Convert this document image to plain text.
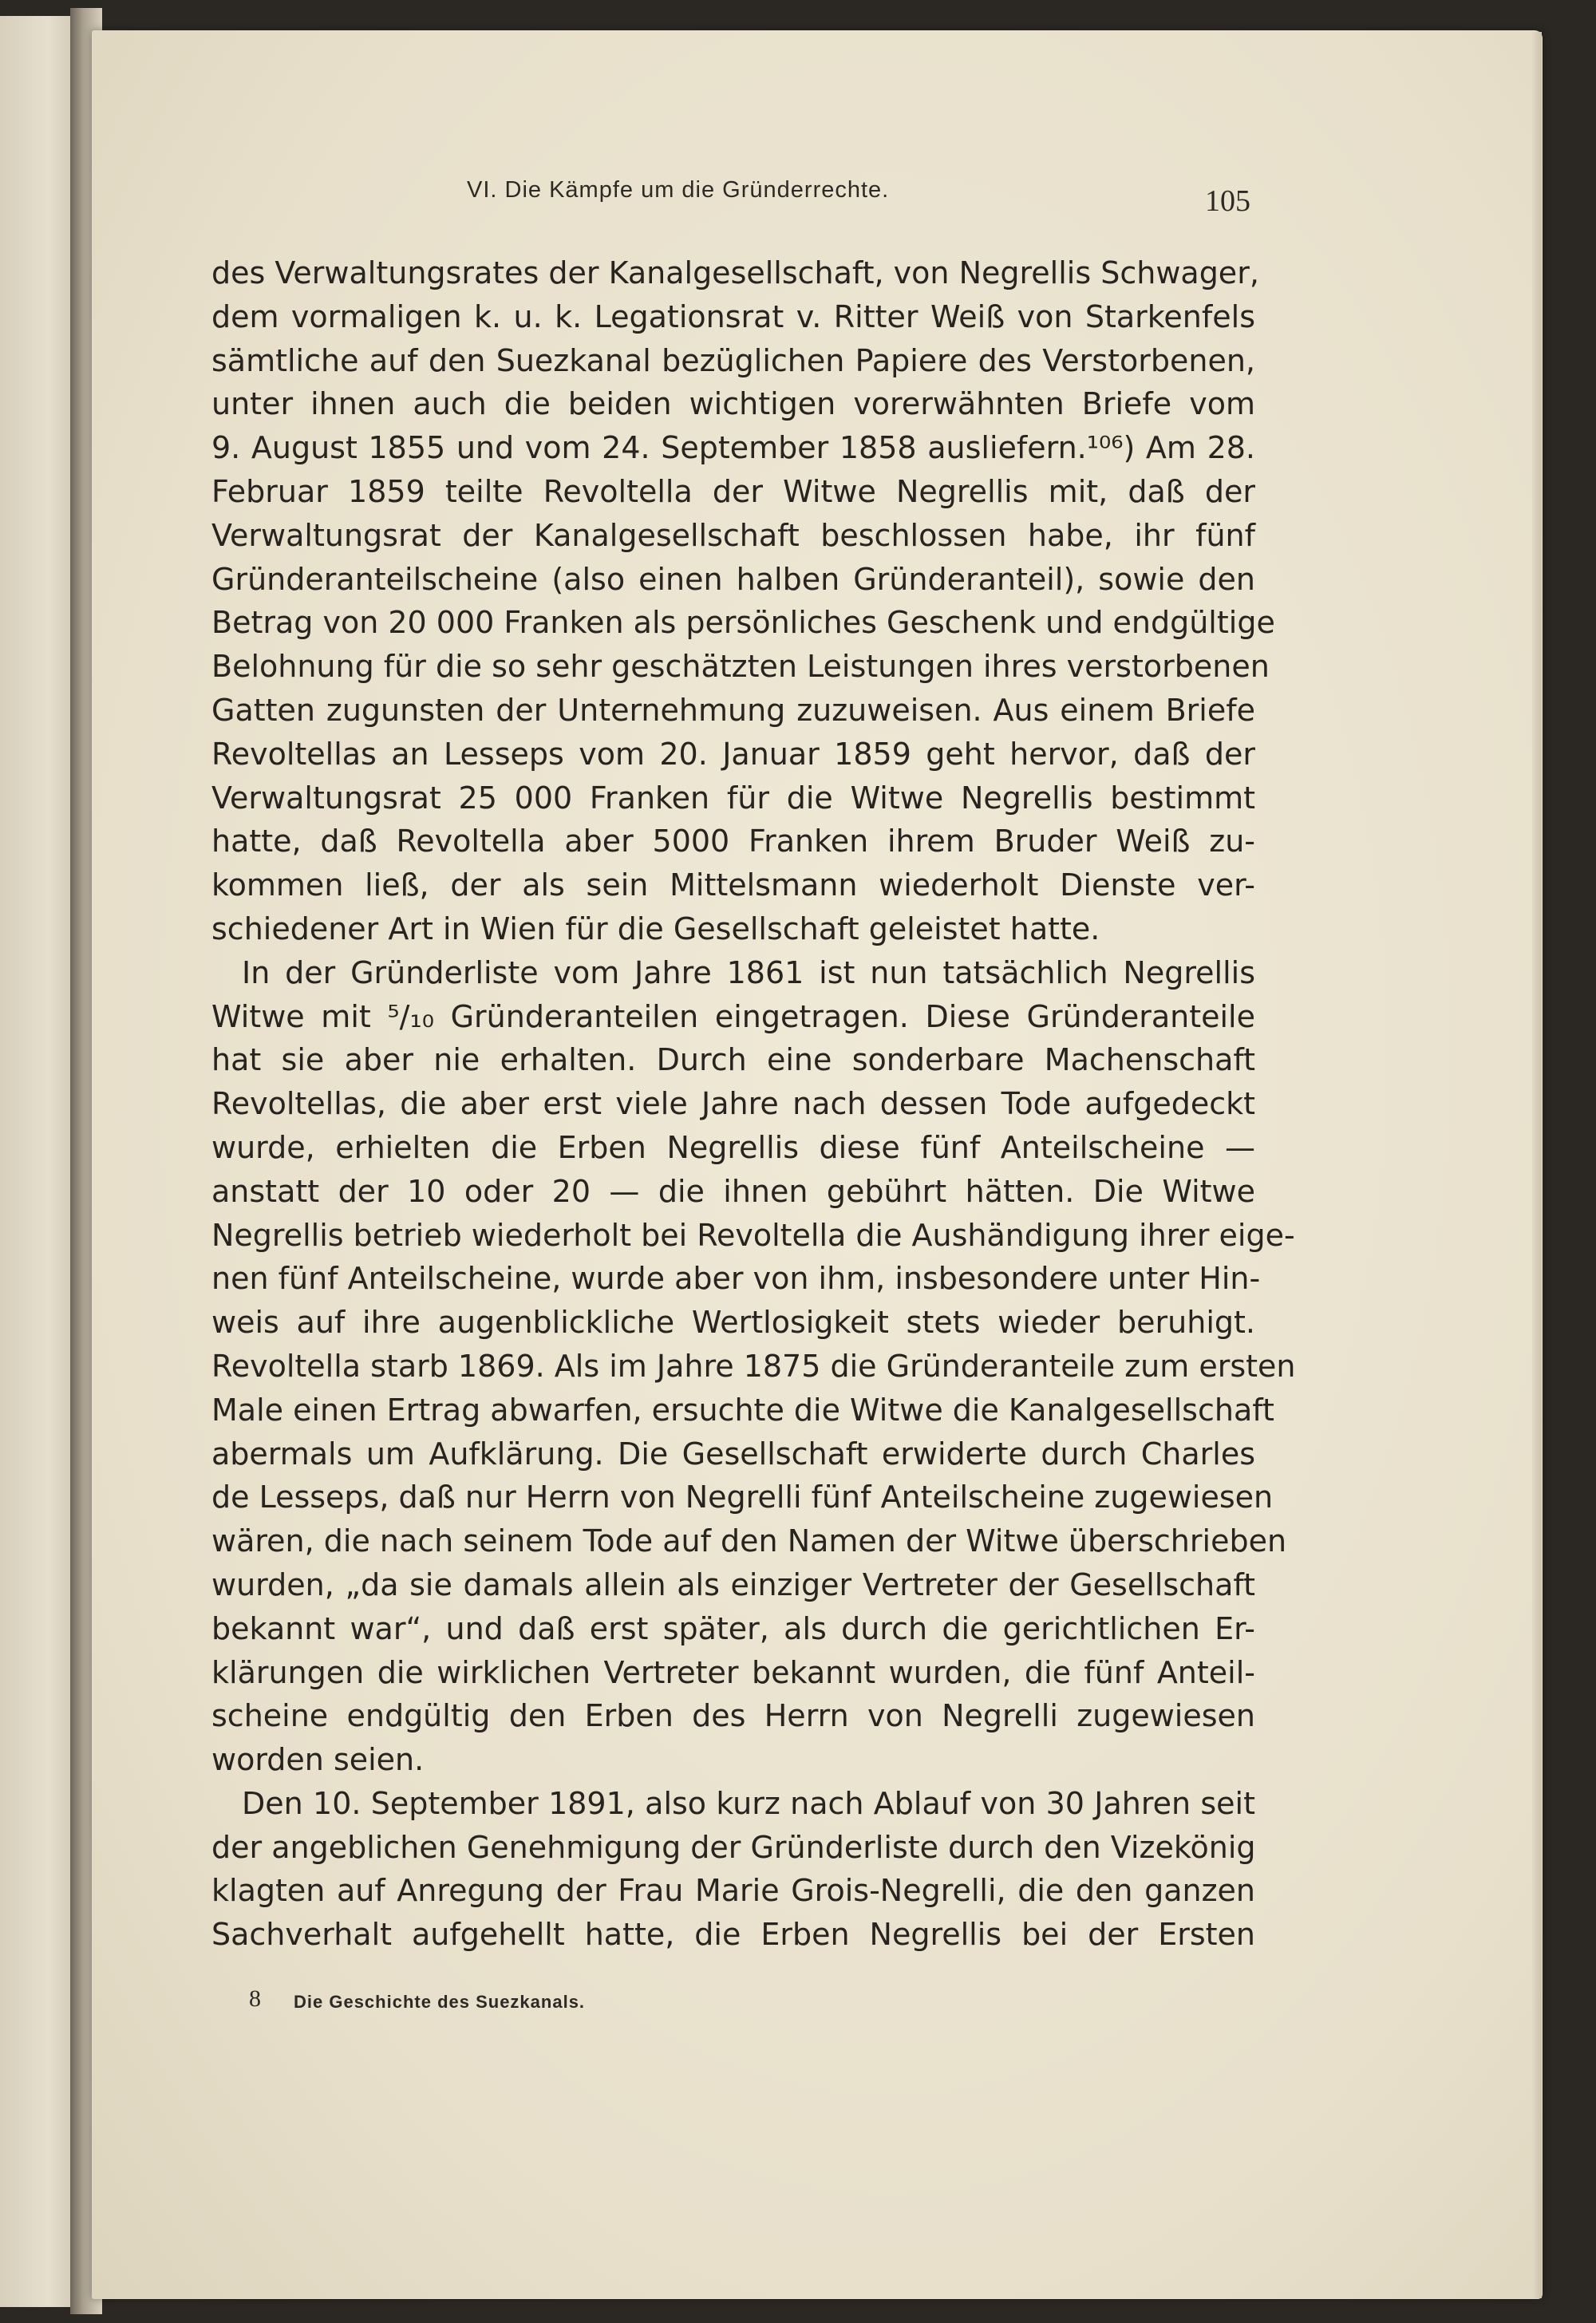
VI. Die Kämpfe um die Gründerrechte.	105
des Verwaltungsrates der Kanalgesellschaft, von Negrellis Schwager,
dem vormaligen k. u. k. Legationsrat v. Ritter Weiß von Starkenfels
sämtliche auf den Suezkanal bezüglichen Papiere des Verstorbenen,
unter ihnen auch die beiden wichtigen vorerwähnten Briefe vom
9. August 1855 und vom 24. September 1858 ausliefern.¹⁰⁶) Am 28.
Februar 1859 teilte Revoltella der Witwe Negrellis mit, daß der
Verwaltungsrat der Kanalgesellschaft beschlossen habe, ihr fünf
Gründeranteilscheine (also einen halben Gründeranteil), sowie den
Betrag von 20 000 Franken als persönliches Geschenk und endgültige
Belohnung für die so sehr geschätzten Leistungen ihres verstorbenen
Gatten zugunsten der Unternehmung zuzuweisen. Aus einem Briefe
Revoltellas an Lesseps vom 20. Januar 1859 geht hervor, daß der
Verwaltungsrat 25 000 Franken für die Witwe Negrellis bestimmt
hatte, daß Revoltella aber 5000 Franken ihrem Bruder Weiß zu-
kommen ließ, der als sein Mittelsmann wiederholt Dienste ver-
schiedener Art in Wien für die Gesellschaft geleistet hatte.
In der Gründerliste vom Jahre 1861 ist nun tatsächlich Negrellis
Witwe mit ⁵/₁₀ Gründeranteilen eingetragen. Diese Gründeranteile
hat sie aber nie erhalten. Durch eine sonderbare Machenschaft
Revoltellas, die aber erst viele Jahre nach dessen Tode aufgedeckt
wurde, erhielten die Erben Negrellis diese fünf Anteilscheine —
anstatt der 10 oder 20 — die ihnen gebührt hätten. Die Witwe
Negrellis betrieb wiederholt bei Revoltella die Aushändigung ihrer eige-
nen fünf Anteilscheine, wurde aber von ihm, insbesondere unter Hin-
weis auf ihre augenblickliche Wertlosigkeit stets wieder beruhigt.
Revoltella starb 1869. Als im Jahre 1875 die Gründeranteile zum ersten
Male einen Ertrag abwarfen, ersuchte die Witwe die Kanalgesellschaft
abermals um Aufklärung. Die Gesellschaft erwiderte durch Charles
de Lesseps, daß nur Herrn von Negrelli fünf Anteilscheine zugewiesen
wären, die nach seinem Tode auf den Namen der Witwe überschrieben
wurden, „da sie damals allein als einziger Vertreter der Gesellschaft
bekannt war“, und daß erst später, als durch die gerichtlichen Er-
klärungen die wirklichen Vertreter bekannt wurden, die fünf Anteil-
scheine endgültig den Erben des Herrn von Negrelli zugewiesen
worden seien.
Den 10. September 1891, also kurz nach Ablauf von 30 Jahren seit
der angeblichen Genehmigung der Gründerliste durch den Vizekönig
klagten auf Anregung der Frau Marie Grois-Negrelli, die den ganzen
Sachverhalt aufgehellt hatte, die Erben Negrellis bei der Ersten
8 Die Geschichte des Suezkanals.
